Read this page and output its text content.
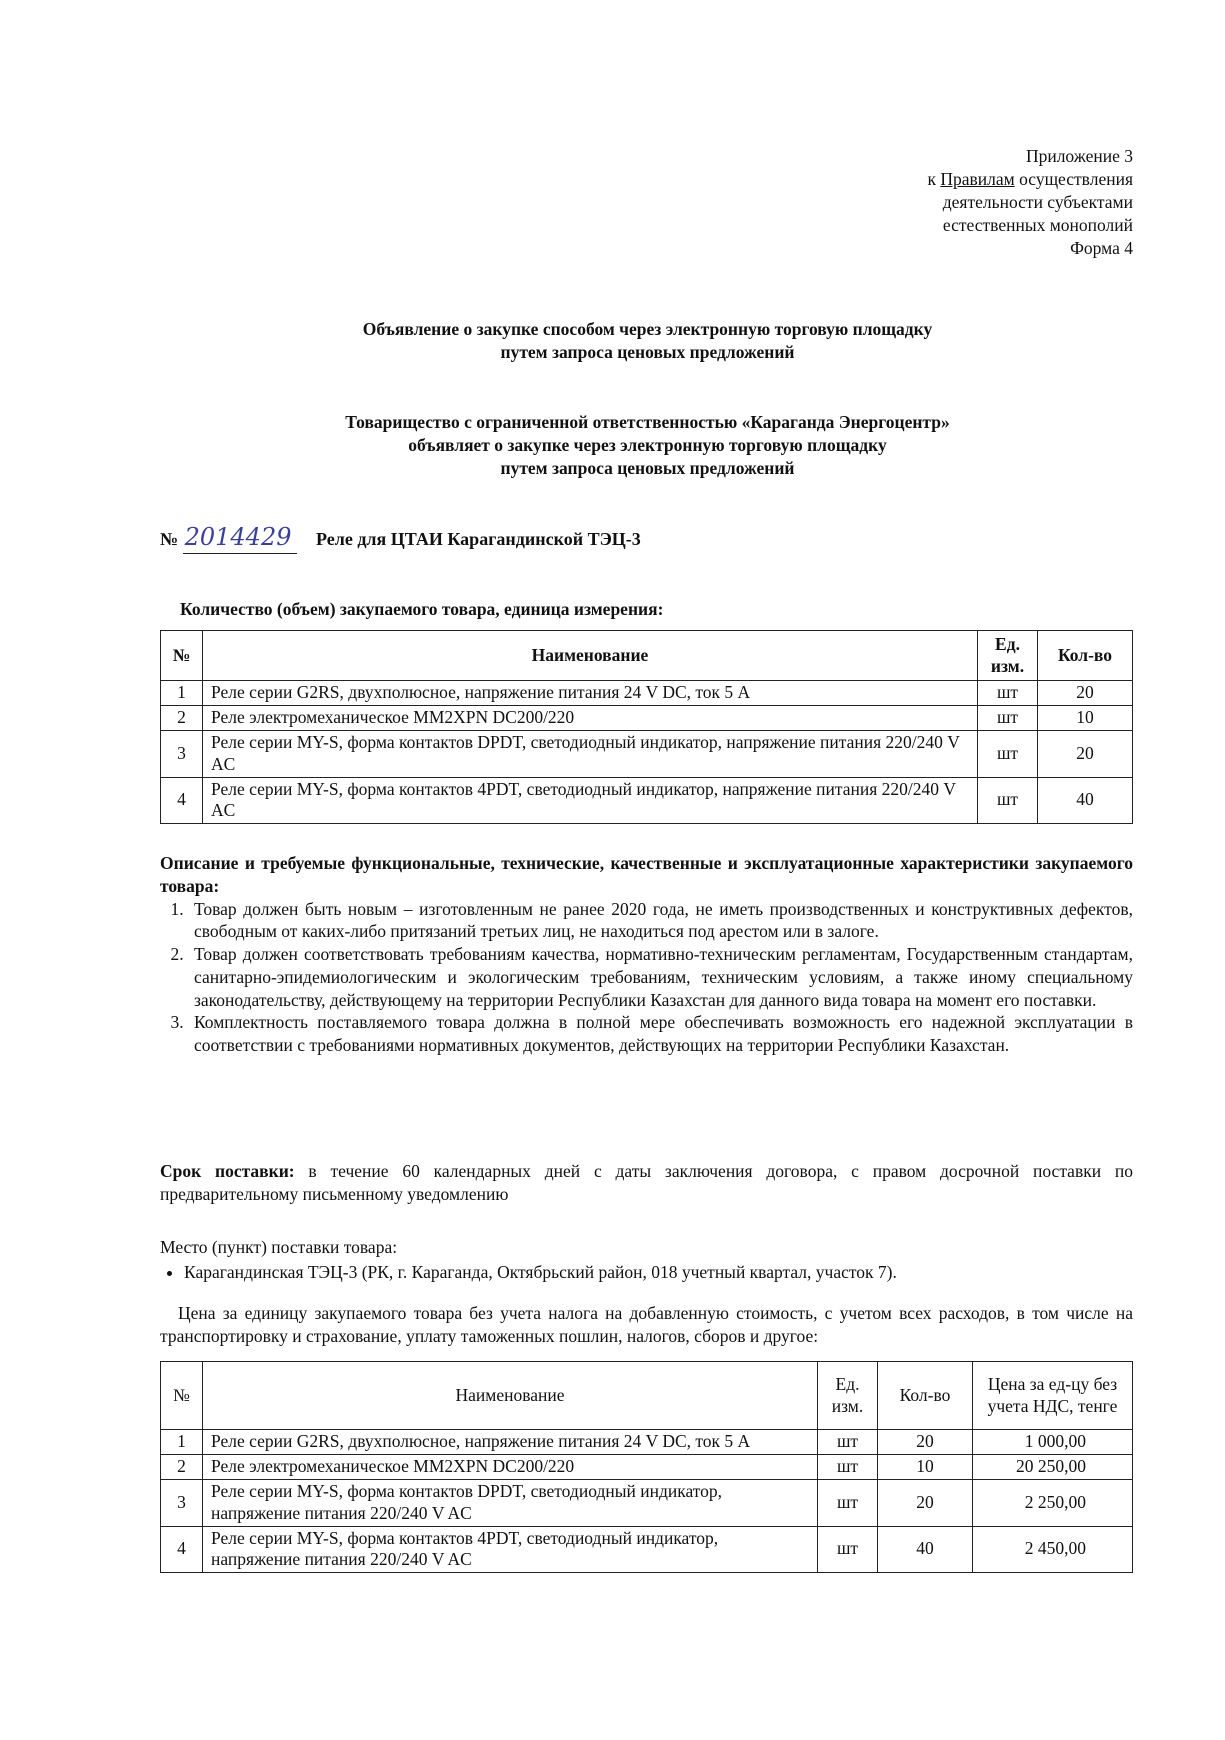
Приложение 3
к Правилам осуществления
деятельности субъектами
естественных монополий
Форма 4
Объявление о закупке способом через электронную торговую площадку
путем запроса ценовых предложений
Товарищество с ограниченной ответственностью «Караганда Энергоцентр»
объявляет о закупке через электронную торговую площадку
путем запроса ценовых предложений
№ 2014429 Реле для ЦТАИ Карагандинской ТЭЦ-3
Количество (объем) закупаемого товара, единица измерения:
№	Наименование	Ед. изм.	Кол-во
1	Реле серии G2RS, двухполюсное, напряжение питания 24 V DC, ток 5 А	шт	20
2	Реле электромеханическое MM2XPN DC200/220	шт	10
3	Реле серии MY-S, форма контактов DPDT, светодиодный индикатор, напряжение питания 220/240 V AC	шт	20
4	Реле серии MY-S, форма контактов 4PDT, светодиодный индикатор, напряжение питания 220/240 V AC	шт	40
Описание и требуемые функциональные, технические, качественные и эксплуатационные характеристики закупаемого товара:
1. Товар должен быть новым – изготовленным не ранее 2020 года, не иметь производственных и конструктивных дефектов, свободным от каких-либо притязаний третьих лиц, не находиться под арестом или в залоге.
2. Товар должен соответствовать требованиям качества, нормативно-техническим регламентам, Государственным стандартам, санитарно-эпидемиологическим и экологическим требованиям, техническим условиям, а также иному специальному законодательству, действующему на территории Республики Казахстан для данного вида товара на момент его поставки.
3. Комплектность поставляемого товара должна в полной мере обеспечивать возможность его надежной эксплуатации в соответствии с требованиями нормативных документов, действующих на территории Республики Казахстан.
Срок поставки: в течение 60 календарных дней с даты заключения договора, с правом досрочной поставки по предварительному письменному уведомлению
Место (пункт) поставки товара:
• Карагандинская ТЭЦ-3 (РК, г. Караганда, Октябрьский район, 018 учетный квартал, участок 7).
Цена за единицу закупаемого товара без учета налога на добавленную стоимость, с учетом всех расходов, в том числе на транспортировку и страхование, уплату таможенных пошлин, налогов, сборов и другое:
№	Наименование	Ед. изм.	Кол-во	Цена за ед-цу без учета НДС, тенге
1	Реле серии G2RS, двухполюсное, напряжение питания 24 V DC, ток 5 А	шт	20	1 000,00
2	Реле электромеханическое MM2XPN DC200/220	шт	10	20 250,00
3	Реле серии MY-S, форма контактов DPDT, светодиодный индикатор, напряжение питания 220/240 V AC	шт	20	2 250,00
4	Реле серии MY-S, форма контактов 4PDT, светодиодный индикатор, напряжение питания 220/240 V AC	шт	40	2 450,00
